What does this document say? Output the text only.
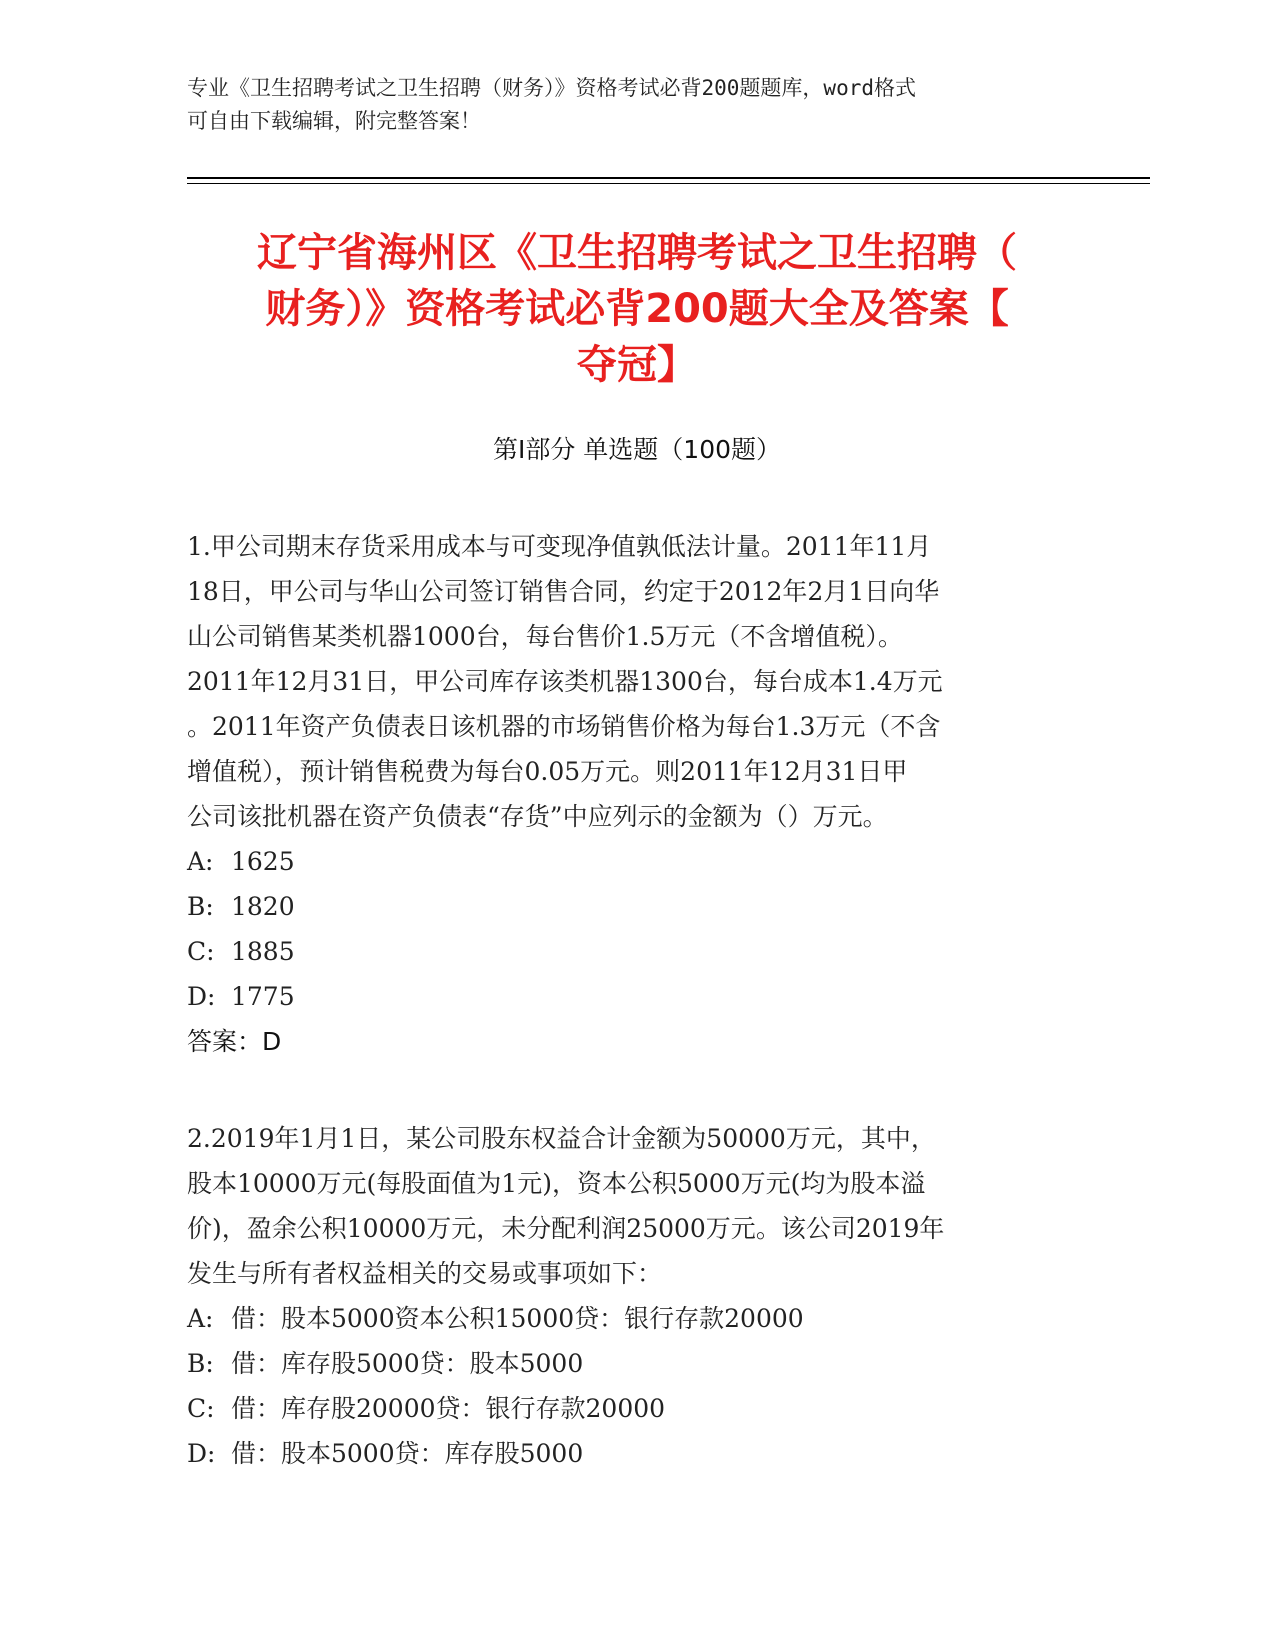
专业《卫生招聘考试之卫生招聘（财务）》资格考试必背200题题库，word格式
可自由下载编辑，附完整答案！
辽宁省海州区《卫生招聘考试之卫生招聘（
财务）》资格考试必背200题大全及答案【
夺冠】
第Ⅰ部分 单选题（100题）
1.甲公司期末存货采用成本与可变现净值孰低法计量。2011年11月
18日，甲公司与华山公司签订销售合同，约定于2012年2月1日向华
山公司销售某类机器1000台，每台售价1.5万元（不含增值税）。
2011年12月31日，甲公司库存该类机器1300台，每台成本1.4万元
。2011年资产负债表日该机器的市场销售价格为每台1.3万元（不含
增值税），预计销售税费为每台0.05万元。则2011年12月31日甲
公司该批机器在资产负债表“存货”中应列示的金额为（）万元。
A: 1625
B: 1820
C: 1885
D: 1775
答案：D
2.2019年1月1日，某公司股东权益合计金额为50000万元，其中，
股本10000万元(每股面值为1元)，资本公积5000万元(均为股本溢
价)，盈余公积10000万元，未分配利润25000万元。该公司2019年
发生与所有者权益相关的交易或事项如下：
A: 借：股本5000资本公积15000贷：银行存款20000
B: 借：库存股5000贷：股本5000
C: 借：库存股20000贷：银行存款20000
D: 借：股本5000贷：库存股5000
